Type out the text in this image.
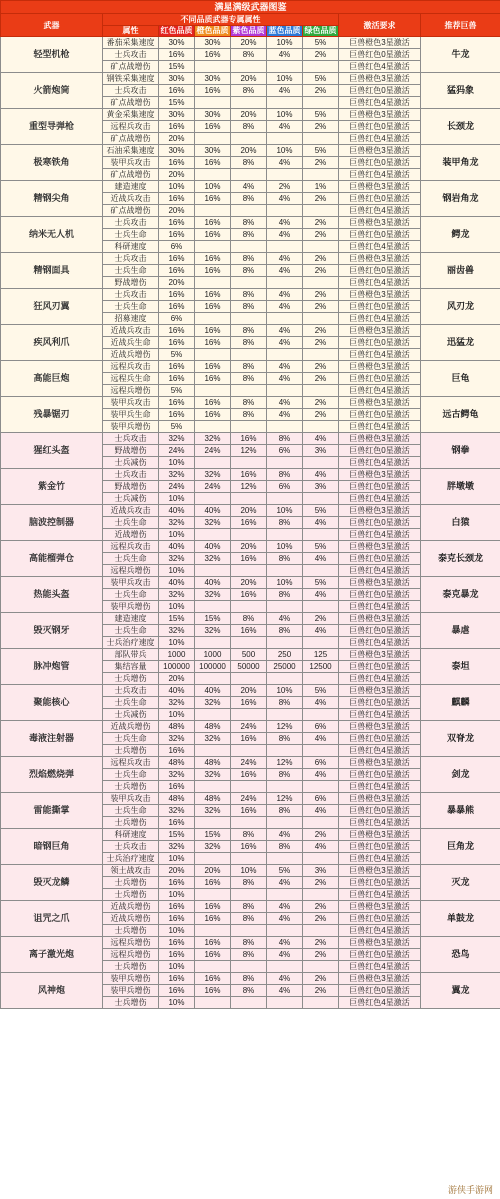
满星满级武器图鉴								
武器	不同品质武器专属属性						激活要求	推荐巨兽
	属性	红色品质	橙色品质	紫色品质	蓝色品质	绿色品质		
轻型机枪	番茄采集速度	30%	30%	20%	10%	5%	巨兽橙色3星激活	牛龙
	士兵攻击	16%	16%	8%	4%	2%	巨兽红色0星激活	
	矿点战增伤	15%					巨兽红色4星激活	
火箭炮筒	钢铁采集速度	30%	30%	20%	10%	5%	巨兽橙色3星激活	猛犸象
	士兵攻击	16%	16%	8%	4%	2%	巨兽红色0星激活	
	矿点战增伤	15%					巨兽红色4星激活	
重型导弹枪	黄金采集速度	30%	30%	20%	10%	5%	巨兽橙色3星激活	长颈龙
	远程兵攻击	16%	16%	8%	4%	2%	巨兽红色0星激活	
	矿点战增伤	20%					巨兽红色4星激活	
极寒铁角	石油采集速度	30%	30%	20%	10%	5%	巨兽橙色3星激活	装甲角龙
	装甲兵攻击	16%	16%	8%	4%	2%	巨兽红色0星激活	
	矿点战增伤	20%					巨兽红色4星激活	
精钢尖角	建造速度	10%	10%	4%	2%	1%	巨兽橙色3星激活	钢岩角龙
	近战兵攻击	16%	16%	8%	4%	2%	巨兽红色0星激活	
	矿点战增伤	20%					巨兽红色4星激活	
纳米无人机	士兵攻击	16%	16%	8%	4%	2%	巨兽橙色3星激活	鳄龙
	士兵生命	16%	16%	8%	4%	2%	巨兽红色0星激活	
	科研速度	6%					巨兽红色4星激活	
精钢面具	士兵攻击	16%	16%	8%	4%	2%	巨兽橙色3星激活	丽齿兽
	士兵生命	16%	16%	8%	4%	2%	巨兽红色0星激活	
	野战增伤	20%					巨兽红色4星激活	
狂风刃翼	士兵攻击	16%	16%	8%	4%	2%	巨兽橙色3星激活	风刃龙
	士兵生命	16%	16%	8%	4%	2%	巨兽红色0星激活	
	招募速度	6%					巨兽红色4星激活	
疾风利爪	近战兵攻击	16%	16%	8%	4%	2%	巨兽橙色3星激活	迅猛龙
	近战兵生命	16%	16%	8%	4%	2%	巨兽红色0星激活	
	近战兵增伤	5%					巨兽红色4星激活	
高能巨炮	远程兵攻击	16%	16%	8%	4%	2%	巨兽橙色3星激活	巨龟
	远程兵生命	16%	16%	8%	4%	2%	巨兽红色0星激活	
	远程兵增伤	5%					巨兽红色4星激活	
残暴锯刃	装甲兵攻击	16%	16%	8%	4%	2%	巨兽橙色3星激活	远古鳄龟
	装甲兵生命	16%	16%	8%	4%	2%	巨兽红色0星激活	
	装甲兵增伤	5%					巨兽红色4星激活	
猩红头盔	士兵攻击	32%	32%	16%	8%	4%	巨兽橙色3星激活	钢拳
	野战增伤	24%	24%	12%	6%	3%	巨兽红色0星激活	
	士兵减伤	10%					巨兽红色4星激活	
紫金竹	士兵攻击	32%	32%	16%	8%	4%	巨兽橙色3星激活	胖墩墩
	野战增伤	24%	24%	12%	6%	3%	巨兽红色0星激活	
	士兵减伤	10%					巨兽红色4星激活	
脑波控制器	近战兵攻击	40%	40%	20%	10%	5%	巨兽橙色3星激活	白猿
	士兵生命	32%	32%	16%	8%	4%	巨兽红色0星激活	
	近战增伤	10%					巨兽红色4星激活	
高能榴弹仓	远程兵攻击	40%	40%	20%	10%	5%	巨兽橙色3星激活	泰克长颈龙
	士兵生命	32%	32%	16%	8%	4%	巨兽红色0星激活	
	远程兵增伤	10%					巨兽红色4星激活	
热能头盔	装甲兵攻击	40%	40%	20%	10%	5%	巨兽橙色3星激活	泰克暴龙
	士兵生命	32%	32%	16%	8%	4%	巨兽红色0星激活	
	装甲兵增伤	10%					巨兽红色4星激活	
毁灭钢牙	建造速度	15%	15%	8%	4%	2%	巨兽橙色3星激活	暴虐
	士兵生命	32%	32%	16%	8%	4%	巨兽红色0星激活	
	士兵治疗速度	10%					巨兽红色4星激活	
脉冲炮管	部队带兵	1000	1000	500	250	125	巨兽橙色3星激活	泰坦
	集结容量	100000	100000	50000	25000	12500	巨兽红色0星激活	
	士兵增伤	20%					巨兽红色4星激活	
聚能核心	士兵攻击	40%	40%	20%	10%	5%	巨兽橙色3星激活	麒麟
	士兵生命	32%	32%	16%	8%	4%	巨兽红色0星激活	
	士兵减伤	10%					巨兽红色4星激活	
毒液注射器	近战兵增伤	48%	48%	24%	12%	6%	巨兽橙色3星激活	双脊龙
	士兵生命	32%	32%	16%	8%	4%	巨兽红色0星激活	
	士兵增伤	16%					巨兽红色4星激活	
烈焰燃烧弹	远程兵攻击	48%	48%	24%	12%	6%	巨兽橙色3星激活	剑龙
	士兵生命	32%	32%	16%	8%	4%	巨兽红色0星激活	
	士兵增伤	16%					巨兽红色4星激活	
雷能撕掌	装甲兵攻击	48%	48%	24%	12%	6%	巨兽橙色3星激活	暴暴熊
	士兵生命	32%	32%	16%	8%	4%	巨兽红色0星激活	
	士兵增伤	16%					巨兽红色4星激活	
暗钢巨角	科研速度	15%	15%	8%	4%	2%	巨兽橙色3星激活	巨角龙
	士兵攻击	32%	32%	16%	8%	4%	巨兽红色0星激活	
	士兵治疗速度	10%					巨兽红色4星激活	
毁灭龙鳞	领土战攻击	20%	20%	10%	5%	3%	巨兽橙色3星激活	灭龙
	士兵增伤	16%	16%	8%	4%	2%	巨兽红色0星激活	
	士兵增伤	10%					巨兽红色4星激活	
诅咒之爪	近战兵增伤	16%	16%	8%	4%	2%	巨兽橙色3星激活	单鼓龙
	近战兵增伤	16%	16%	8%	4%	2%	巨兽红色0星激活	
	士兵增伤	10%					巨兽红色4星激活	
离子激光炮	远程兵增伤	16%	16%	8%	4%	2%	巨兽橙色3星激活	恐鸟
	远程兵增伤	16%	16%	8%	4%	2%	巨兽红色0星激活	
	士兵增伤	10%					巨兽红色4星激活	
风神炮	装甲兵增伤	16%	16%	8%	4%	2%	巨兽橙色3星激活	翼龙
	装甲兵增伤	16%	16%	8%	4%	2%	巨兽红色0星激活	
	士兵增伤	10%					巨兽红色4星激活	
游侠手游网
